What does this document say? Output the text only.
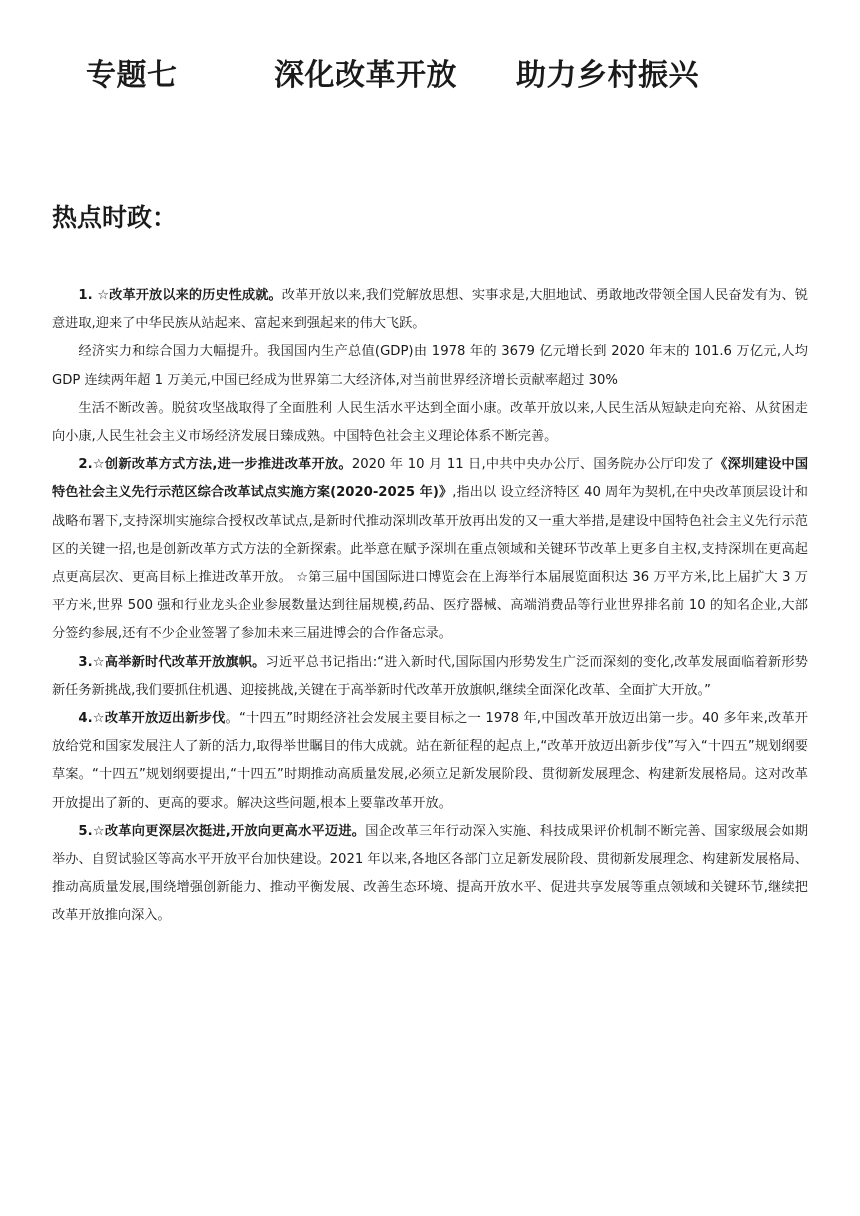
专题七	深化改革开放 助力乡村振兴
热点时政：

1. ☆改革开放以来的历史性成就。改革开放以来,我们党解放思想、实事求是,大胆地试、勇敢地改带领全国人民奋发有为、锐意进取,迎来了中华民族从站起来、富起来到强起来的伟大飞跃。

经济实力和综合国力大幅提升。我国国内生产总值(GDP)由 1978 年的 3679 亿元增长到 2020 年末的 101.6 万亿元,人均 GDP 连续两年超 1 万美元,中国已经成为世界第二大经济体,对当前世界经济增长贡献率超过 30%

生活不断改善。脱贫攻坚战取得了全面胜利 人民生活水平达到全面小康。改革开放以来,人民生活从短缺走向充裕、从贫困走向小康,人民生社会主义市场经济发展日臻成熟。中国特色社会主义理论体系不断完善。

2.☆创新改革方式方法,进一步推进改革开放。2020 年 10 月 11 日,中共中央办公厅、国务院办公厅印发了《深圳建设中国特色社会主义先行示范区综合改革试点实施方案(2020-2025 年)》,指出以 设立经济特区 40 周年为契机,在中央改革顶层设计和战略布署下,支持深圳实施综合授权改革试点,是新时代推动深圳改革开放再出发的又一重大举措,是建设中国特色社会主义先行示范区的关键一招,也是创新改革方式方法的全新探索。此举意在赋予深圳在重点领域和关键环节改革上更多自主权,支持深圳在更高起点更高层次、更高目标上推进改革开放。 ☆第三届中国国际进口博览会在上海举行本届展览面积达 36 万平方米,比上届扩大 3 万平方米,世界 500 强和行业龙头企业参展数量达到往届规模,药品、医疗器械、高端消费品等行业世界排名前 10 的知名企业,大部分签约参展,还有不少企业签署了参加未来三届进博会的合作备忘录。

3.☆高举新时代改革开放旗帜。习近平总书记指出:“进入新时代,国际国内形势发生广泛而深刻的变化,改革发展面临着新形势新任务新挑战,我们要抓住机遇、迎接挑战,关键在于高举新时代改革开放旗帜,继续全面深化改革、全面扩大开放。”

4.☆改革开放迈出新步伐。“十四五”时期经济社会发展主要目标之一 1978 年,中国改革开放迈出第一步。40 多年来,改革开放给党和国家发展注人了新的活力,取得举世瞩目的伟大成就。站在新征程的起点上,“改革开放迈出新步伐”写入“十四五”规划纲要草案。“十四五”规划纲要提出,“十四五”时期推动高质量发展,必须立足新发展阶段、贯彻新发展理念、构建新发展格局。这对改革开放提出了新的、更高的要求。解决这些问题,根本上要靠改革开放。

5.☆改革向更深层次挺进,开放向更高水平迈进。国企改革三年行动深入实施、科技成果评价机制不断完善、国家级展会如期举办、自贸试验区等高水平开放平台加快建设。2021 年以来,各地区各部门立足新发展阶段、贯彻新发展理念、构建新发展格局、推动高质量发展,围绕增强创新能力、推动平衡发展、改善生态环境、提高开放水平、促进共享发展等重点领域和关键环节,继续把改革开放推向深入。
